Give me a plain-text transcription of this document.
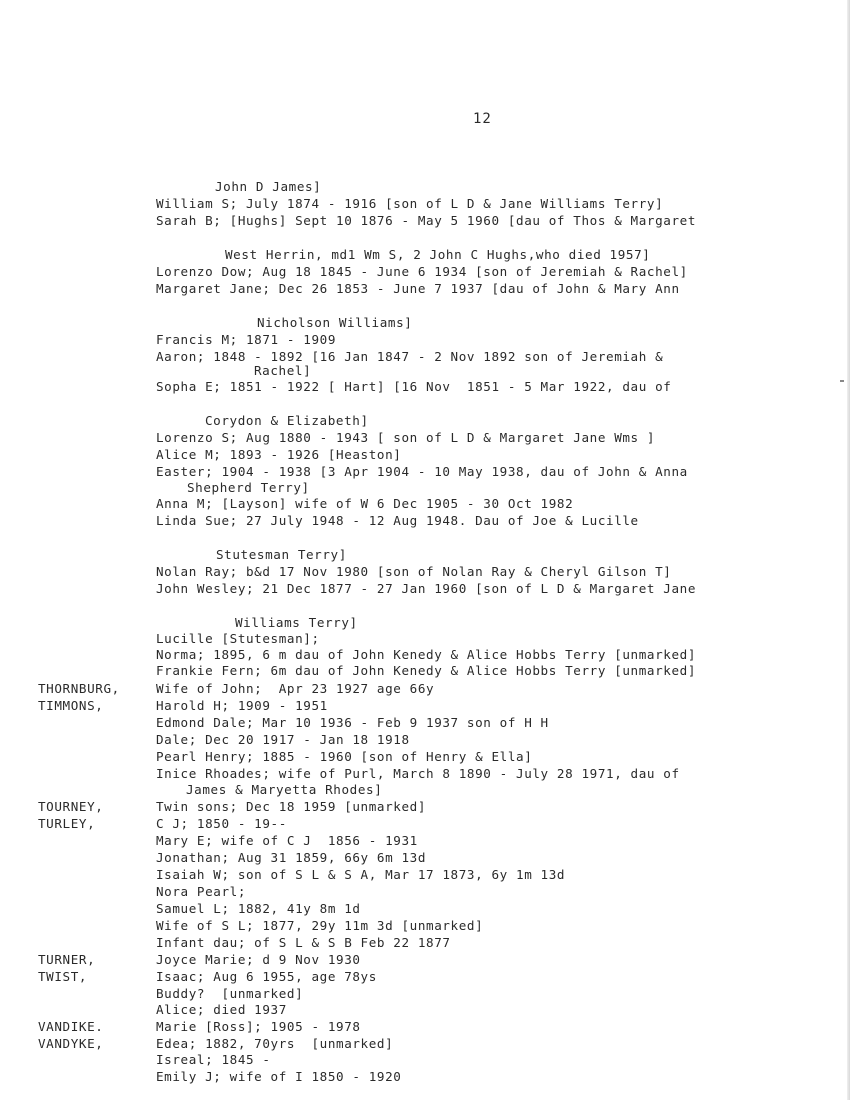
12
John D James]
William S; July 1874 - 1916 [son of L D & Jane Williams Terry]
Sarah B; [Hughs] Sept 10 1876 - May 5 1960 [dau of Thos & Margaret
West Herrin, md1 Wm S, 2 John C Hughs,who died 1957]
Lorenzo Dow; Aug 18 1845 - June 6 1934 [son of Jeremiah & Rachel]
Margaret Jane; Dec 26 1853 - June 7 1937 [dau of John & Mary Ann
Nicholson Williams]
Francis M; 1871 - 1909
Aaron; 1848 - 1892 [16 Jan 1847 - 2 Nov 1892 son of Jeremiah &
Rachel]
Sopha E; 1851 - 1922 [ Hart] [16 Nov  1851 - 5 Mar 1922, dau of
Corydon & Elizabeth]
Lorenzo S; Aug 1880 - 1943 [ son of L D & Margaret Jane Wms ]
Alice M; 1893 - 1926 [Heaston]
Easter; 1904 - 1938 [3 Apr 1904 - 10 May 1938, dau of John & Anna
Shepherd Terry]
Anna M; [Layson] wife of W 6 Dec 1905 - 30 Oct 1982
Linda Sue; 27 July 1948 - 12 Aug 1948. Dau of Joe & Lucille
Stutesman Terry]
Nolan Ray; b&d 17 Nov 1980 [son of Nolan Ray & Cheryl Gilson T]
John Wesley; 21 Dec 1877 - 27 Jan 1960 [son of L D & Margaret Jane
Williams Terry]
Lucille [Stutesman];
Norma; 1895, 6 m dau of John Kenedy & Alice Hobbs Terry [unmarked]
Frankie Fern; 6m dau of John Kenedy & Alice Hobbs Terry [unmarked]
Wife of John;  Apr 23 1927 age 66y
Harold H; 1909 - 1951
Edmond Dale; Mar 10 1936 - Feb 9 1937 son of H H
Dale; Dec 20 1917 - Jan 18 1918
Pearl Henry; 1885 - 1960 [son of Henry & Ella]
Inice Rhoades; wife of Purl, March 8 1890 - July 28 1971, dau of
James & Maryetta Rhodes]
Twin sons; Dec 18 1959 [unmarked]
C J; 1850 - 19--
Mary E; wife of C J  1856 - 1931
Jonathan; Aug 31 1859, 66y 6m 13d
Isaiah W; son of S L & S A, Mar 17 1873, 6y 1m 13d
Nora Pearl;
Samuel L; 1882, 41y 8m 1d
Wife of S L; 1877, 29y 11m 3d [unmarked]
Infant dau; of S L & S B Feb 22 1877
Joyce Marie; d 9 Nov 1930
Isaac; Aug 6 1955, age 78ys
Buddy?  [unmarked]
Alice; died 1937
Marie [Ross]; 1905 - 1978
Edea; 1882, 70yrs  [unmarked]
Isreal; 1845 -
Emily J; wife of I 1850 - 1920
THORNBURG,
TIMMONS,
TOURNEY,
TURLEY,
TURNER,
TWIST,
VANDIKE.
VANDYKE,
